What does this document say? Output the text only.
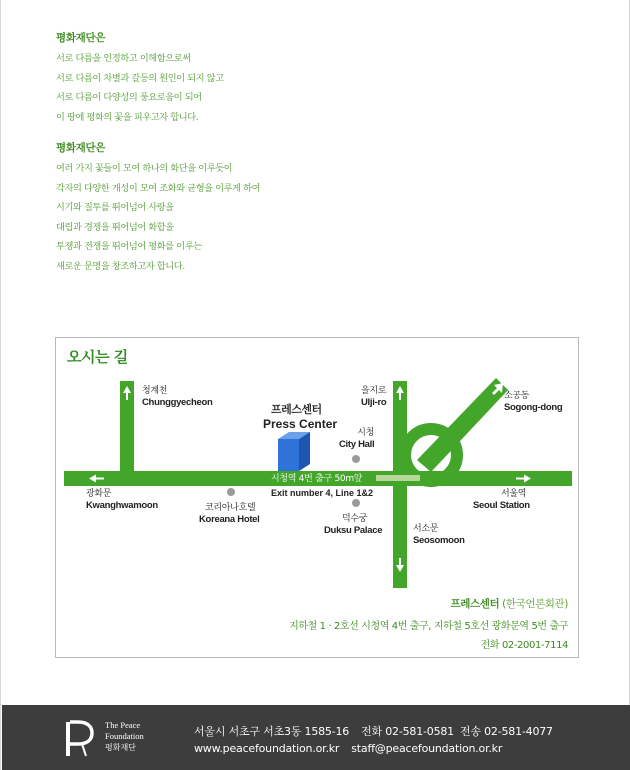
평화재단은
서로 다름을 인정하고 이해함으로써
서로 다름이 차별과 갈등의 원인이 되지 않고
서로 다름이 다양성의 풍요로움이 되어
이 땅에 평화의 꽃을 피우고자 합니다.
평화재단은
여러 가지 꽃들이 모여 하나의 화단을 이루듯이
각자의 다양한 개성이 모여 조화와 균형을 이루게 하여
시기와 질투를 뛰어넘어 사랑을
대립과 경쟁을 뛰어넘어 화합을
투쟁과 전쟁을 뛰어넘어 평화를 이루는
새로운 문명을 창조하고자 합니다.
오시는 길
청계천
Chunggyecheon
을지로
Ulji-ro
소공동
Sogong-dong
프레스센터
Press Center
시청
City Hall
시청역 4번 출구 50m앞
Exit number 4, Line 1&2
광화문
Kwanghwamoon	코리아나호텔
Koreana Hotel	덕수궁
Duksu Palace	서소문
Seosomoon
서울역
Seoul Station
프레스센터 (한국언론회관)
지하철 1 · 2호선 시청역 4번 출구, 지하철 5호선 광화문역 5번 출구
전화 02-2001-7114
The Peace
Foundation
평화재단
서울시 서초구 서초3동 1585-16 전화 02-581-0581 전송 02-581-4077
www.peacefoundation.or.kr staff@peacefoundation.or.kr
